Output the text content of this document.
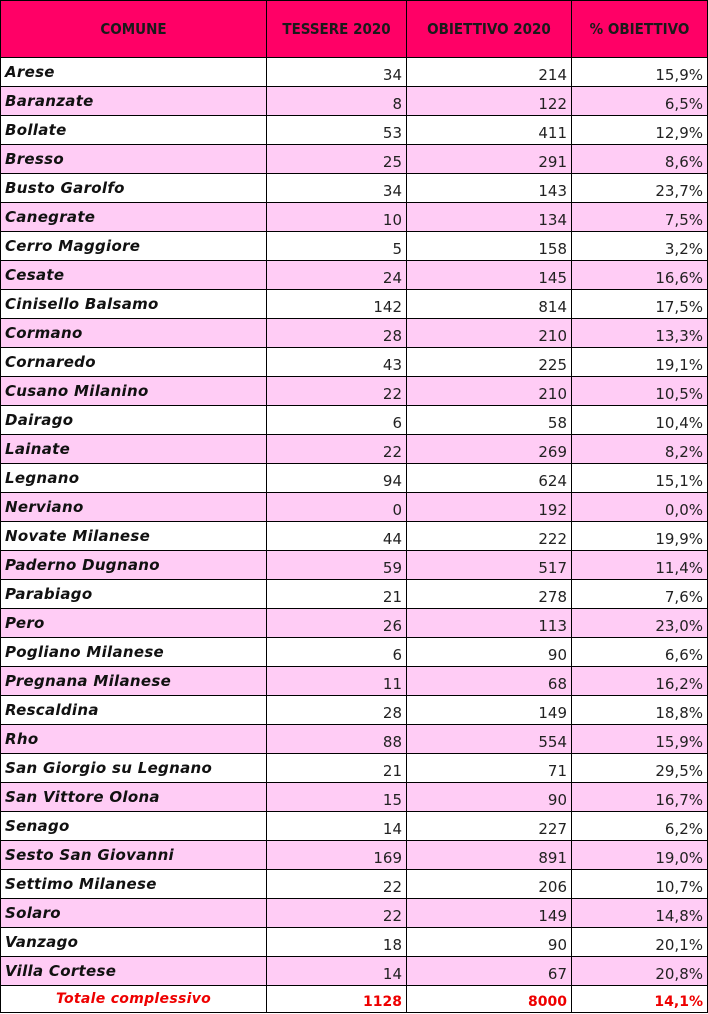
COMUNE	TESSERE 2020	OBIETTIVO 2020	% OBIETTIVO
Arese	34	214	15,9%
Baranzate	8	122	6,5%
Bollate	53	411	12,9%
Bresso	25	291	8,6%
Busto Garolfo	34	143	23,7%
Canegrate	10	134	7,5%
Cerro Maggiore	5	158	3,2%
Cesate	24	145	16,6%
Cinisello Balsamo	142	814	17,5%
Cormano	28	210	13,3%
Cornaredo	43	225	19,1%
Cusano Milanino	22	210	10,5%
Dairago	6	58	10,4%
Lainate	22	269	8,2%
Legnano	94	624	15,1%
Nerviano	0	192	0,0%
Novate Milanese	44	222	19,9%
Paderno Dugnano	59	517	11,4%
Parabiago	21	278	7,6%
Pero	26	113	23,0%
Pogliano Milanese	6	90	6,6%
Pregnana Milanese	11	68	16,2%
Rescaldina	28	149	18,8%
Rho	88	554	15,9%
San Giorgio su Legnano	21	71	29,5%
San Vittore Olona	15	90	16,7%
Senago	14	227	6,2%
Sesto San Giovanni	169	891	19,0%
Settimo Milanese	22	206	10,7%
Solaro	22	149	14,8%
Vanzago	18	90	20,1%
Villa Cortese	14	67	20,8%
Totale complessivo	1128	8000	14,1%
